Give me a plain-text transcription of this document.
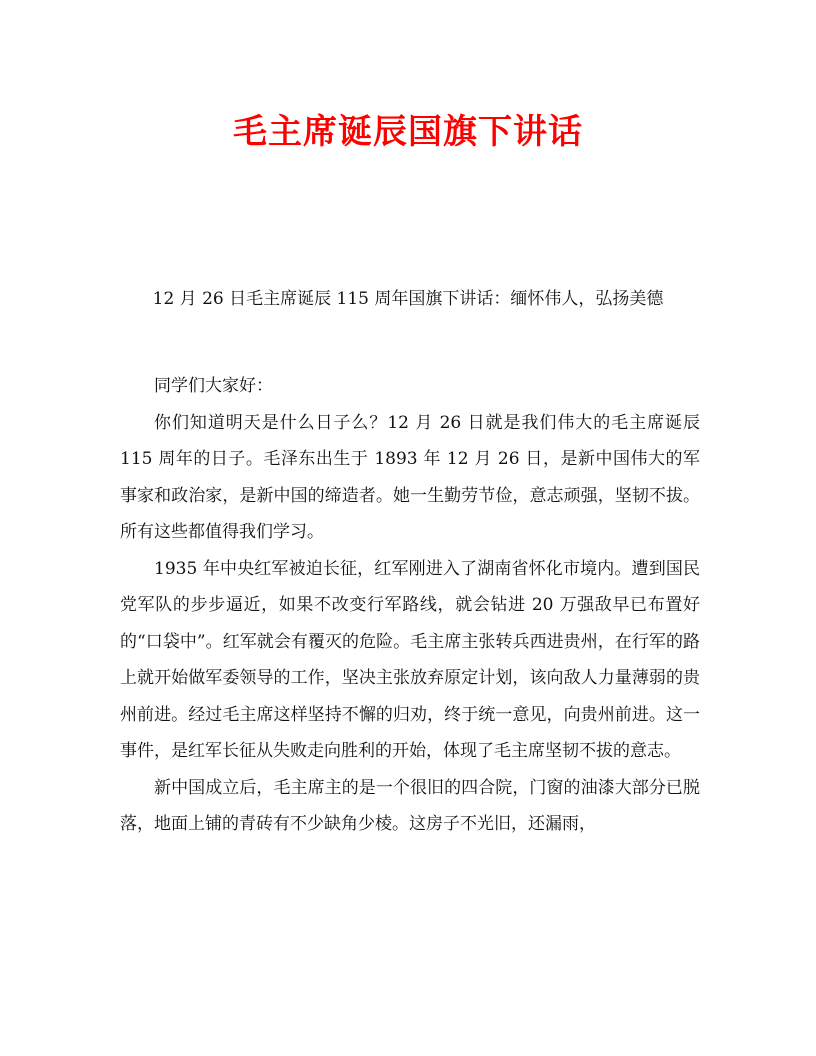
毛主席诞辰国旗下讲话

12 月 26 日毛主席诞辰 115 周年国旗下讲话：缅怀伟人，弘扬美德

同学们大家好：

你们知道明天是什么日子么？12 月 26 日就是我们伟大的毛主席诞辰 115 周年的日子。毛泽东出生于 1893 年 12 月 26 日，是新中国伟大的军事家和政治家，是新中国的缔造者。她一生勤劳节俭，意志顽强，坚韧不拔。所有这些都值得我们学习。

1935 年中央红军被迫长征，红军刚进入了湖南省怀化市境内。遭到国民党军队的步步逼近，如果不改变行军路线，就会钻进 20 万强敌早已布置好的“口袋中”。红军就会有覆灭的危险。毛主席主张转兵西进贵州，在行军的路上就开始做军委领导的工作，坚决主张放弃原定计划，该向敌人力量薄弱的贵州前进。经过毛主席这样坚持不懈的归劝，终于统一意见，向贵州前进。这一事件，是红军长征从失败走向胜利的开始，体现了毛主席坚韧不拔的意志。

新中国成立后，毛主席主的是一个很旧的四合院，门窗的油漆大部分已脱落，地面上铺的青砖有不少缺角少棱。这房子不光旧，还漏雨，
